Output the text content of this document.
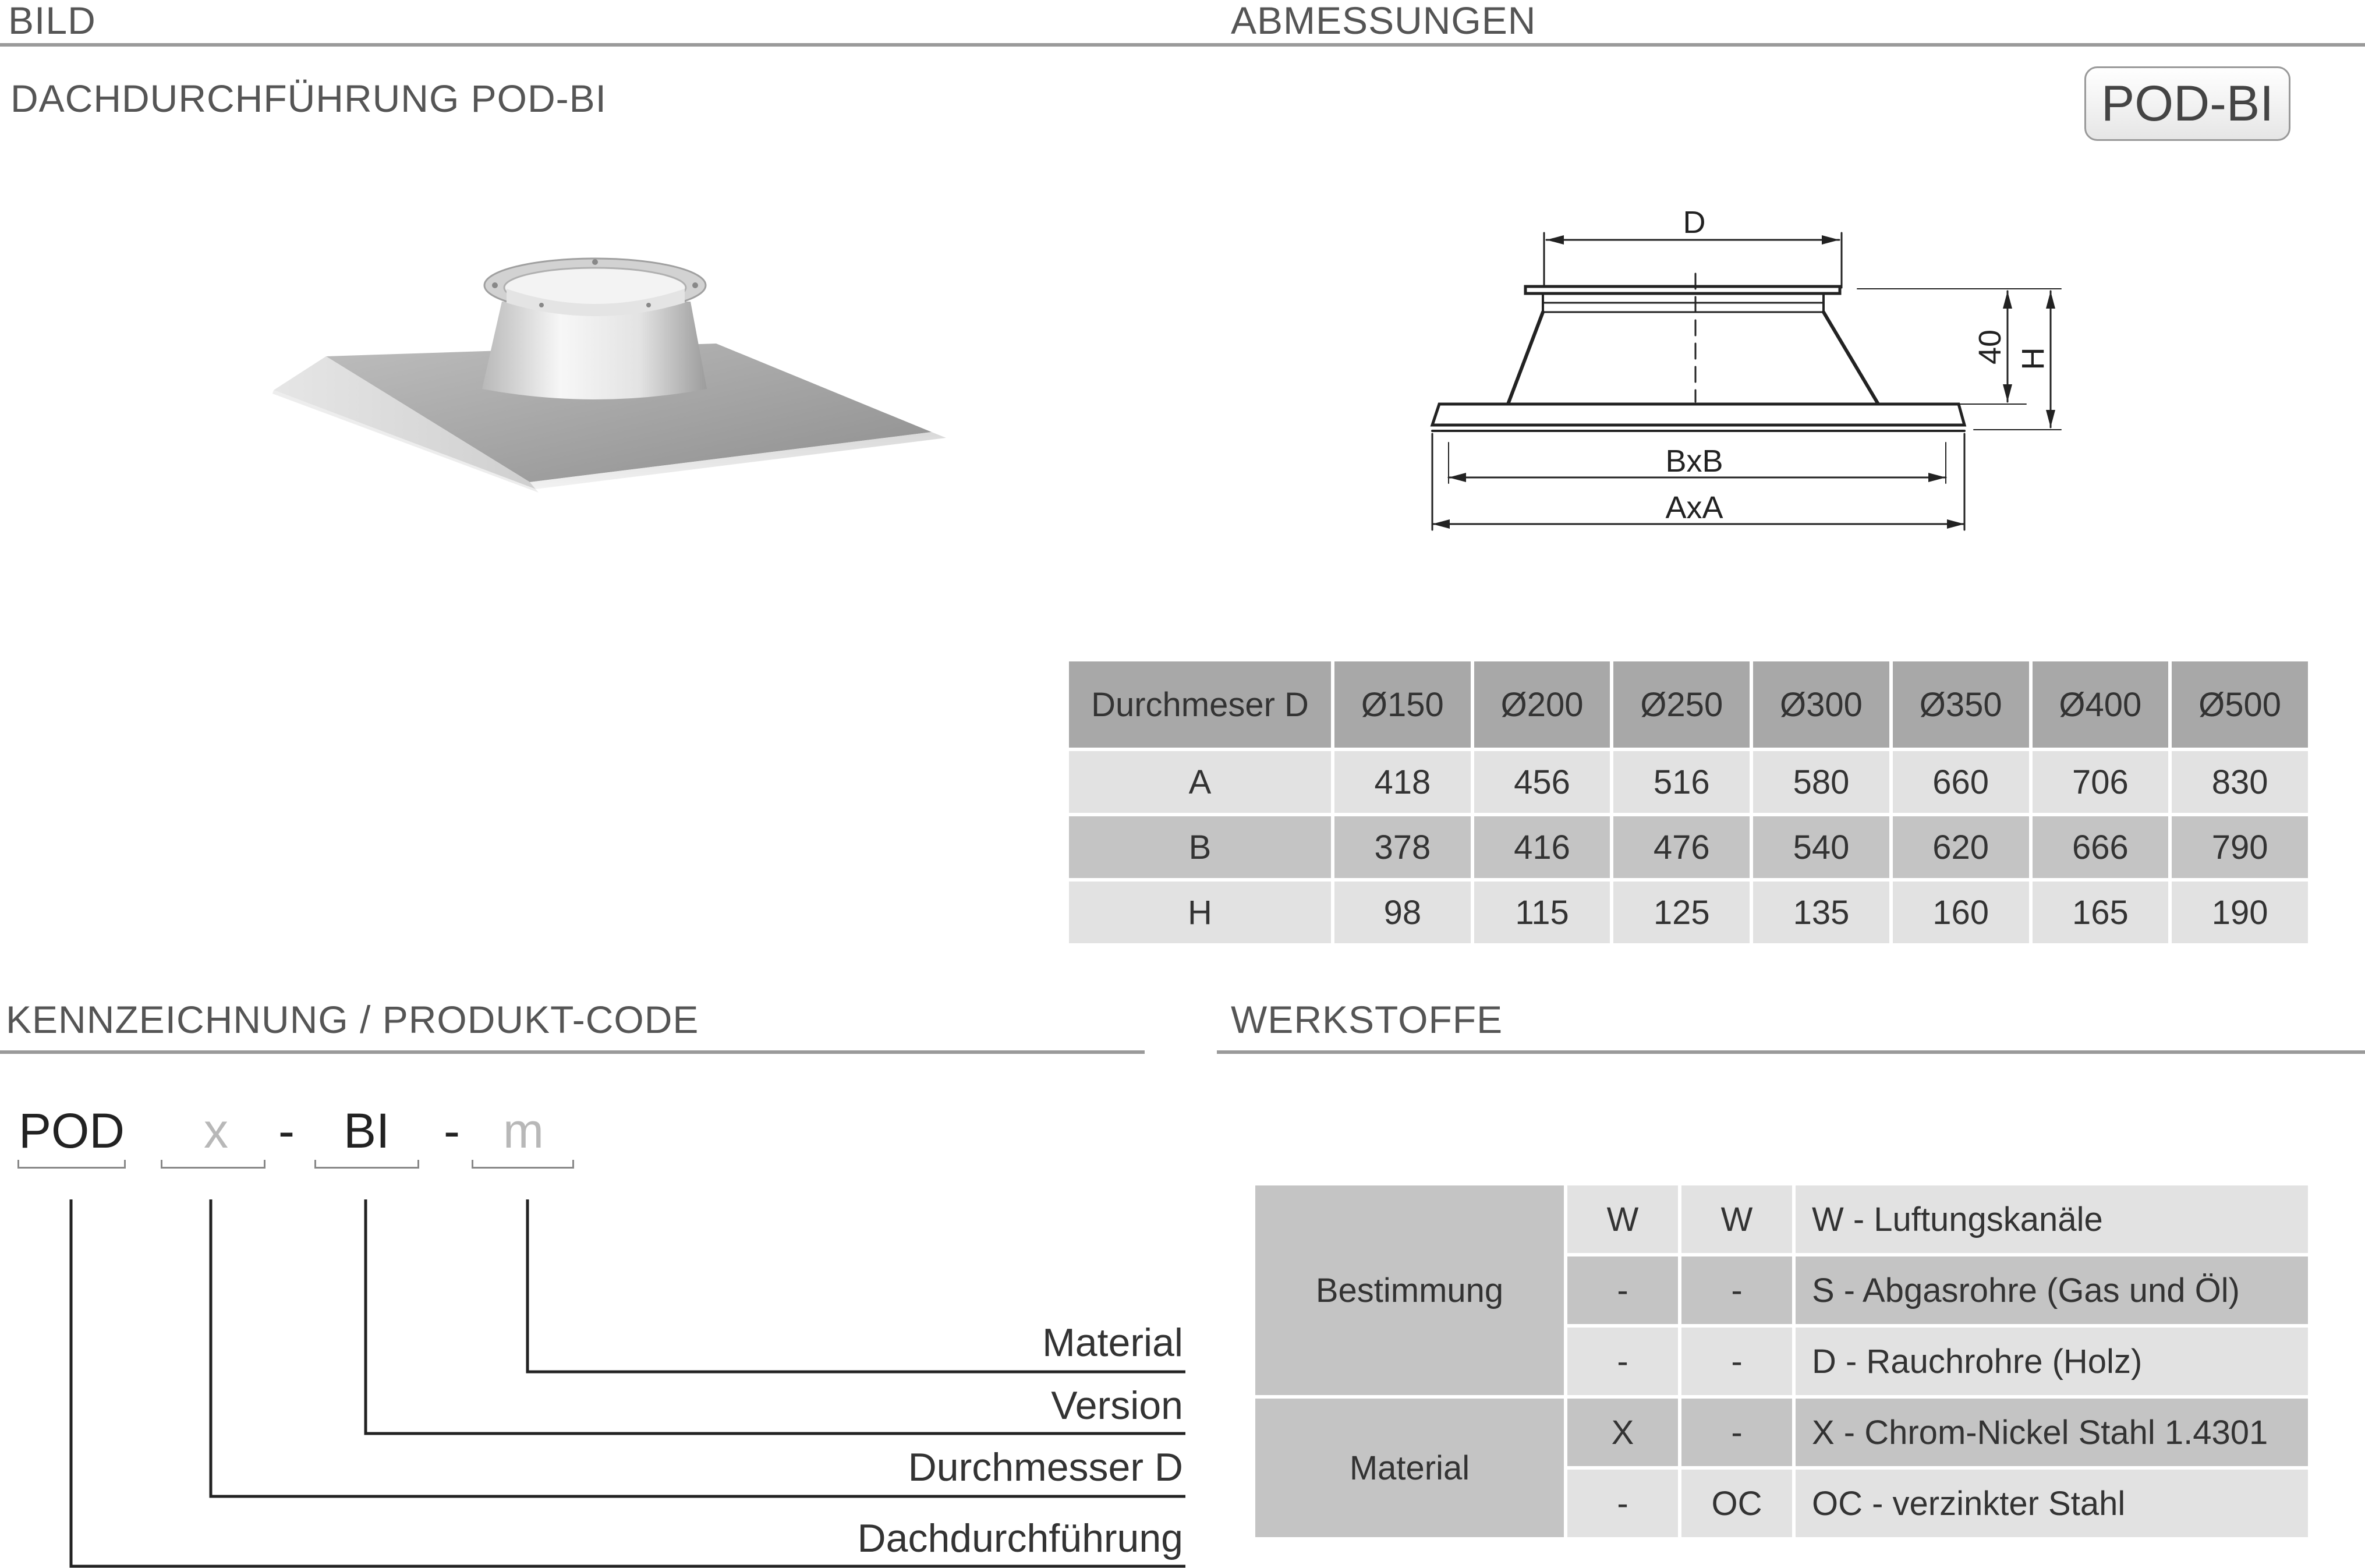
BILD	ABMESSUNGEN
DACHDURCHFÜHRUNG POD-BI	POD-BI
D
BxB
AxA
40 H
Durchmeser D	Ø150	Ø200	Ø250	Ø300	Ø350	Ø400	Ø500
A	418	456	516	580	660	706	830
B	378	416	476	540	620	666	790
H	98	115	125	135	160	165	190
KENNZEICHNUNG / PRODUKT-CODE	WERKSTOFFE
POD x - BI - m
Material
Version
Durchmesser D
Dachdurchführung
Bestimmung	W	W	W - Luftungskanäle
	-	-	S - Abgasrohre (Gas und Öl)
	-	-	D - Rauchrohre (Holz)
Material	X	-	X - Chrom-Nickel Stahl 1.4301
	-	OC	OC - verzinkter Stahl
